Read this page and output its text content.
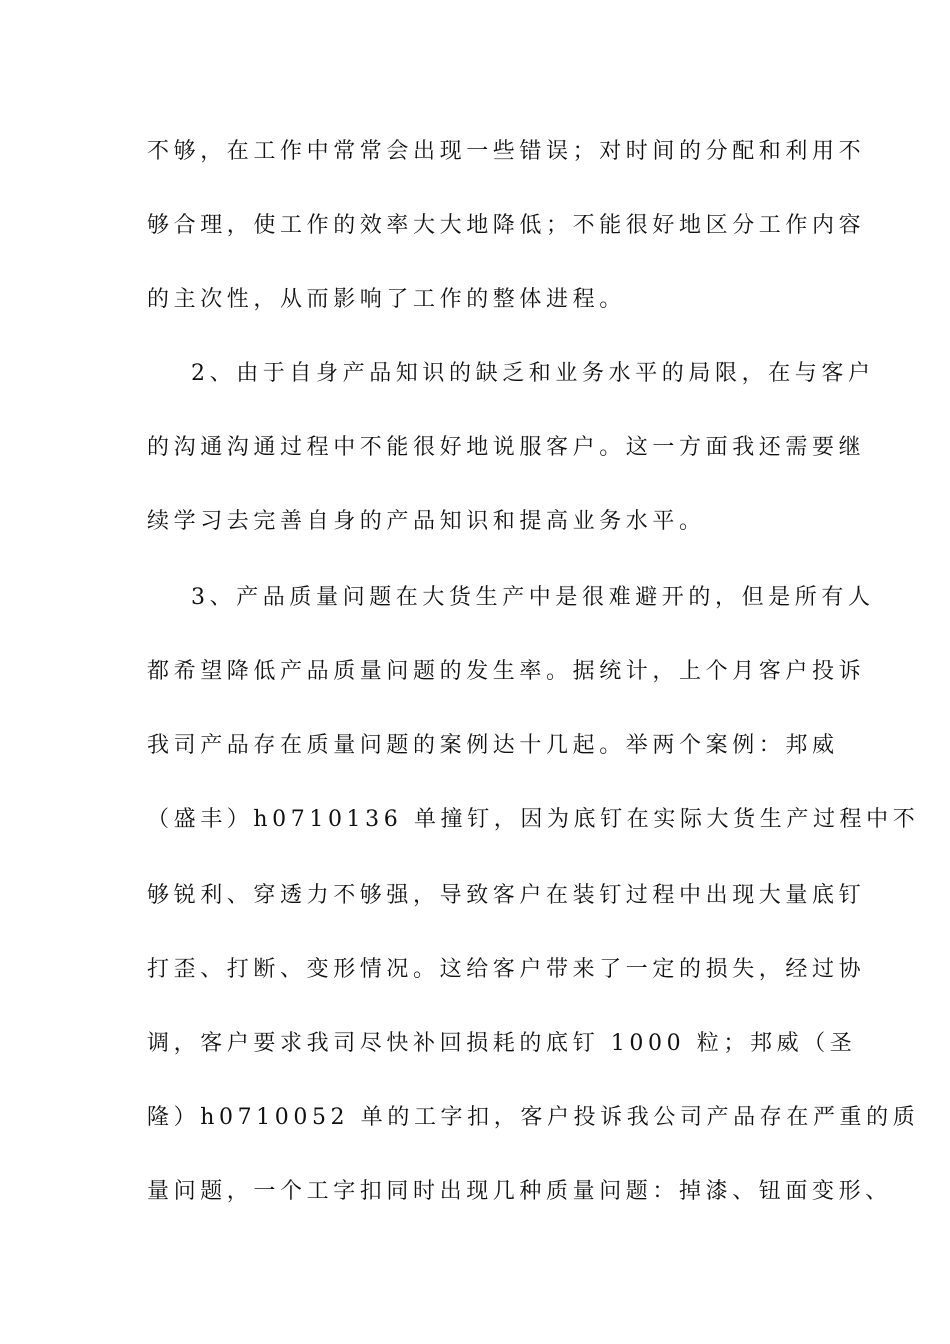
不够，在工作中常常会出现一些错误；对时间的分配和利用不
够合理，使工作的效率大大地降低；不能很好地区分工作内容
的主次性，从而影响了工作的整体进程。
2、由于自身产品知识的缺乏和业务水平的局限，在与客户
的沟通沟通过程中不能很好地说服客户。这一方面我还需要继
续学习去完善自身的产品知识和提高业务水平。
3、产品质量问题在大货生产中是很难避开的，但是所有人
都希望降低产品质量问题的发生率。据统计，上个月客户投诉
我司产品存在质量问题的案例达十几起。举两个案例：邦威
（盛丰）h0710136 单撞钉，因为底钉在实际大货生产过程中不
够锐利、穿透力不够强，导致客户在装钉过程中出现大量底钉
打歪、打断、变形情况。这给客户带来了一定的损失，经过协
调，客户要求我司尽快补回损耗的底钉 1000 粒；邦威（圣
隆）h0710052 单的工字扣，客户投诉我公司产品存在严重的质
量问题，一个工字扣同时出现几种质量问题：掉漆、钮面变形、
